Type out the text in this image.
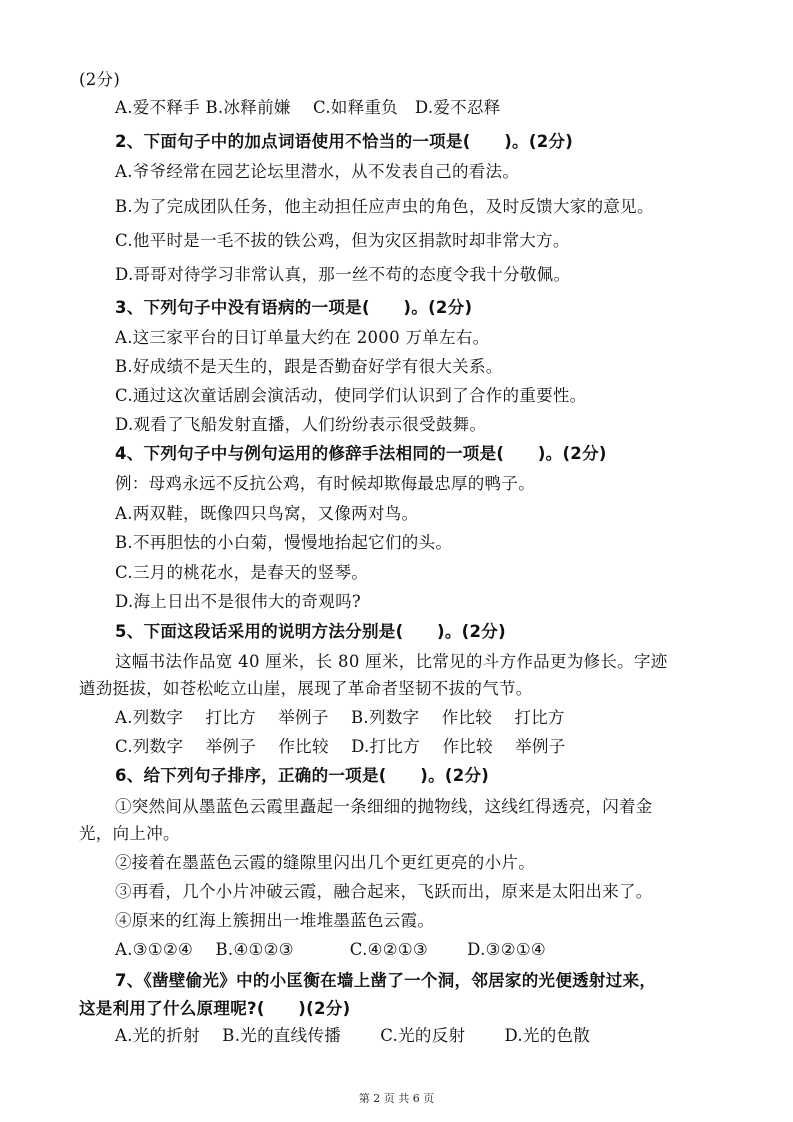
(2分)
A.爱不释手 B.冰释前嫌　 C.如释重负　D.爱不忍释
2、下面句子中的加点词语使用不恰当的一项是(　　)。(2分)
A.爷爷经常在园艺论坛里潜水，从不发表自己的看法。
B.为了完成团队任务，他主动担任应声虫的角色，及时反馈大家的意见。
C.他平时是一毛不拔的铁公鸡，但为灾区捐款时却非常大方。
D.哥哥对待学习非常认真，那一丝不苟的态度令我十分敬佩。
3、下列句子中没有语病的一项是(　　)。(2分)
A.这三家平台的日订单量大约在 2000 万单左右。
B.好成绩不是天生的，跟是否勤奋好学有很大关系。
C.通过这次童话剧会演活动，使同学们认识到了合作的重要性。
D.观看了飞船发射直播，人们纷纷表示很受鼓舞。
4、下列句子中与例句运用的修辞手法相同的一项是(　　)。(2分)
例：母鸡永远不反抗公鸡，有时候却欺侮最忠厚的鸭子。
A.两双鞋，既像四只鸟窝，又像两对鸟。
B.不再胆怯的小白菊，慢慢地抬起它们的头。
C.三月的桃花水，是春天的竖琴。
D.海上日出不是很伟大的奇观吗?
5、下面这段话采用的说明方法分别是(　　)。(2分)
这幅书法作品宽 40 厘米，长 80 厘米，比常见的斗方作品更为修长。字迹
遒劲挺拔，如苍松屹立山崖，展现了革命者坚韧不拔的气节。
A.列数字　 打比方　 举例子　 B.列数字　 作比较　 打比方
C.列数字　 举例子　 作比较　 D.打比方　 作比较　 举例子
6、给下列句子排序，正确的一项是(　　)。(2分)
①突然间从墨蓝色云霞里矗起一条细细的抛物线，这线红得透亮，闪着金
光，向上冲。
②接着在墨蓝色云霞的缝隙里闪出几个更红更亮的小片。
③再看，几个小片冲破云霞，融合起来，飞跃而出，原来是太阳出来了。
④原来的红海上簇拥出一堆堆墨蓝色云霞。
A.③①②④　 B.④①②③　　　 C.④②①③　　 D.③②①④
7、《凿壁偷光》中的小匡衡在墙上凿了一个洞，邻居家的光便透射过来，
这是利用了什么原理呢?(　　)(2分)
A.光的折射　 B.光的直线传播　　 C.光的反射　　 D.光的色散
第 2 页 共 6 页
